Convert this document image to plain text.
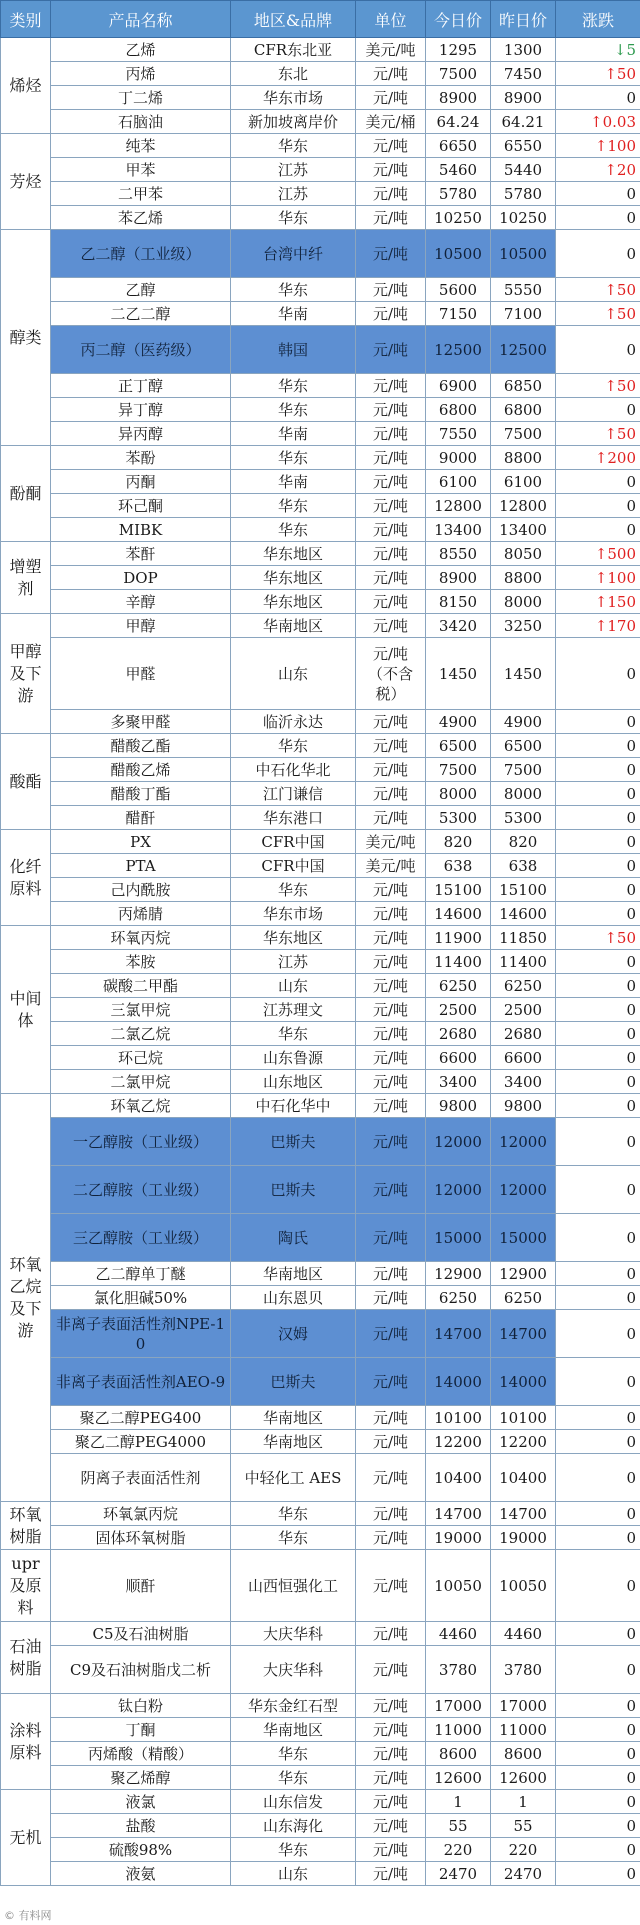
类别	产品名称	地区&品牌	单位	今日价	昨日价	涨跌
烯烃	乙烯	CFR东北亚	美元/吨	1295	1300	↓5
	丙烯	东北	元/吨	7500	7450	↑50
	丁二烯	华东市场	元/吨	8900	8900	0
	石脑油	新加坡离岸价	美元/桶	64.24	64.21	↑0.03
芳烃	纯苯	华东	元/吨	6650	6550	↑100
	甲苯	江苏	元/吨	5460	5440	↑20
	二甲苯	江苏	元/吨	5780	5780	0
	苯乙烯	华东	元/吨	10250	10250	0
醇类	乙二醇（工业级）	台湾中纤	元/吨	10500	10500	0
	乙醇	华东	元/吨	5600	5550	↑50
	二乙二醇	华南	元/吨	7150	7100	↑50
	丙二醇（医药级）	韩国	元/吨	12500	12500	0
	正丁醇	华东	元/吨	6900	6850	↑50
	异丁醇	华东	元/吨	6800	6800	0
	异丙醇	华南	元/吨	7550	7500	↑50
酚酮	苯酚	华东	元/吨	9000	8800	↑200
	丙酮	华南	元/吨	6100	6100	0
	环己酮	华东	元/吨	12800	12800	0
	MIBK	华东	元/吨	13400	13400	0
增塑剂	苯酐	华东地区	元/吨	8550	8050	↑500
	DOP	华东地区	元/吨	8900	8800	↑100
	辛醇	华东地区	元/吨	8150	8000	↑150
甲醇及下游	甲醇	华南地区	元/吨	3420	3250	↑170
	甲醛	山东	元/吨（不含税）	1450	1450	0
	多聚甲醛	临沂永达	元/吨	4900	4900	0
酸酯	醋酸乙酯	华东	元/吨	6500	6500	0
	醋酸乙烯	中石化华北	元/吨	7500	7500	0
	醋酸丁酯	江门谦信	元/吨	8000	8000	0
	醋酐	华东港口	元/吨	5300	5300	0
化纤原料	PX	CFR中国	美元/吨	820	820	0
	PTA	CFR中国	美元/吨	638	638	0
	己内酰胺	华东	元/吨	15100	15100	0
	丙烯腈	华东市场	元/吨	14600	14600	0
中间体	环氧丙烷	华东地区	元/吨	11900	11850	↑50
	苯胺	江苏	元/吨	11400	11400	0
	碳酸二甲酯	山东	元/吨	6250	6250	0
	三氯甲烷	江苏理文	元/吨	2500	2500	0
	二氯乙烷	华东	元/吨	2680	2680	0
	环己烷	山东鲁源	元/吨	6600	6600	0
	二氯甲烷	山东地区	元/吨	3400	3400	0
环氧乙烷及下游	环氧乙烷	中石化华中	元/吨	9800	9800	0
	一乙醇胺（工业级）	巴斯夫	元/吨	12000	12000	0
	二乙醇胺（工业级）	巴斯夫	元/吨	12000	12000	0
	三乙醇胺（工业级）	陶氏	元/吨	15000	15000	0
	乙二醇单丁醚	华南地区	元/吨	12900	12900	0
	氯化胆碱50%	山东恩贝	元/吨	6250	6250	0
	非离子表面活性剂NPE-10	汉姆	元/吨	14700	14700	0
	非离子表面活性剂AEO-9	巴斯夫	元/吨	14000	14000	0
	聚乙二醇PEG400	华南地区	元/吨	10100	10100	0
	聚乙二醇PEG4000	华南地区	元/吨	12200	12200	0
	阴离子表面活性剂	中轻化工 AES	元/吨	10400	10400	0
环氧树脂	环氧氯丙烷	华东	元/吨	14700	14700	0
	固体环氧树脂	华东	元/吨	19000	19000	0
upr及原料	顺酐	山西恒强化工	元/吨	10050	10050	0
石油树脂	C5及石油树脂	大庆华科	元/吨	4460	4460	0
	C9及石油树脂戊二析	大庆华科	元/吨	3780	3780	0
涂料原料	钛白粉	华东金红石型	元/吨	17000	17000	0
	丁酮	华南地区	元/吨	11000	11000	0
	丙烯酸（精酸）	华东	元/吨	8600	8600	0
	聚乙烯醇	华东	元/吨	12600	12600	0
无机	液氯	山东信发	元/吨	1	1	0
	盐酸	山东海化	元/吨	55	55	0
	硫酸98%	华东	元/吨	220	220	0
	液氨	山东	元/吨	2470	2470	0
© 有料网
